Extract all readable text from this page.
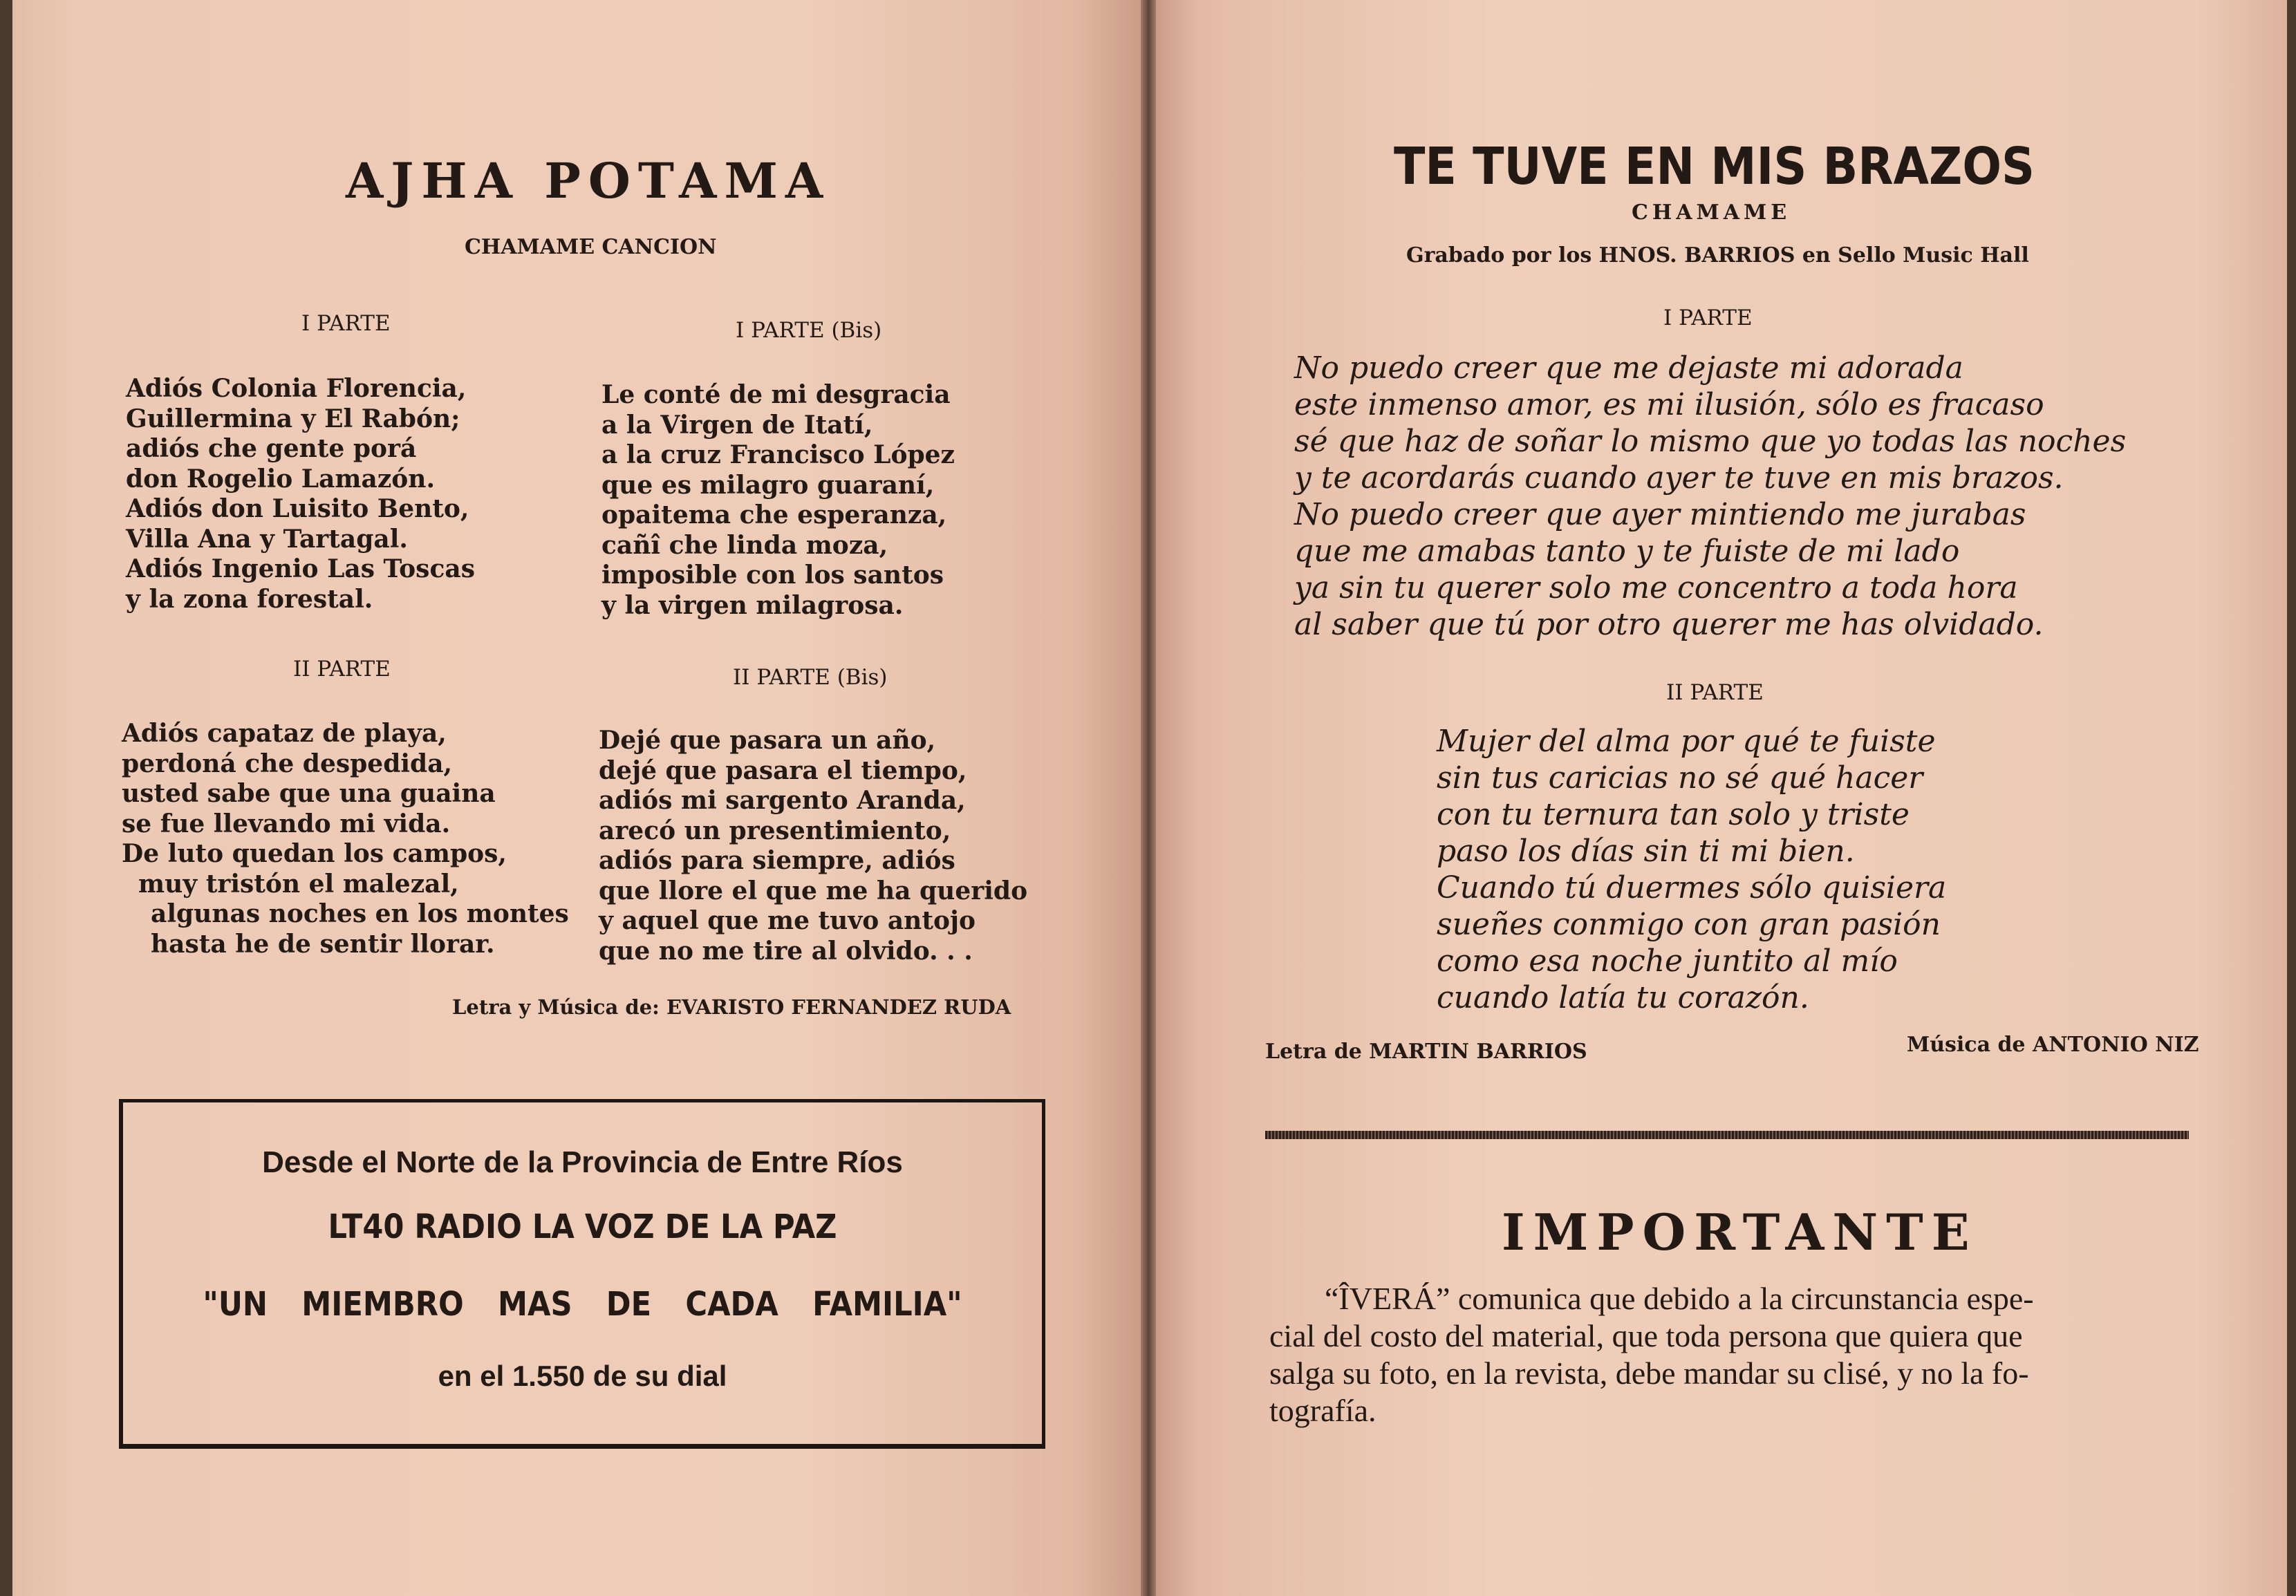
AJHA POTAMA
CHAMAME CANCION
I PARTE	I PARTE (Bis)
Adiós Colonia Florencia,
Guillermina y El Rabón;
adiós che gente porá
don Rogelio Lamazón.
Adiós don Luisito Bento,
Villa Ana y Tartagal.
Adiós Ingenio Las Toscas
y la zona forestal.
Le conté de mi desgracia
a la Virgen de Itatí,
a la cruz Francisco López
que es milagro guaraní,
opaitema che esperanza,
cañî che linda moza,
imposible con los santos
y la virgen milagrosa.
II PARTE	II PARTE (Bis)
Adiós capataz de playa,
perdoná che despedida,
usted sabe que una guaina
se fue llevando mi vida.
De luto quedan los campos,
muy tristón el malezal,
algunas noches en los montes
hasta he de sentir llorar.
Dejé que pasara un año,
dejé que pasara el tiempo,
adiós mi sargento Aranda,
arecó un presentimiento,
adiós para siempre, adiós
que llore el que me ha querido
y aquel que me tuvo antojo
que no me tire al olvido. . .
Letra y Música de: EVARISTO FERNANDEZ RUDA
Desde el Norte de la Provincia de Entre Ríos
LT40 RADIO LA VOZ DE LA PAZ
"UN MIEMBRO MAS DE CADA FAMILIA"
en el 1.550 de su dial
TE TUVE EN MIS BRAZOS
CHAMAME
Grabado por los HNOS. BARRIOS en Sello Music Hall
I PARTE
No puedo creer que me dejaste mi adorada
este inmenso amor, es mi ilusión, sólo es fracaso
sé que haz de soñar lo mismo que yo todas las noches
y te acordarás cuando ayer te tuve en mis brazos.
No puedo creer que ayer mintiendo me jurabas
que me amabas tanto y te fuiste de mi lado
ya sin tu querer solo me concentro a toda hora
al saber que tú por otro querer me has olvidado.
II PARTE
Mujer del alma por qué te fuiste
sin tus caricias no sé qué hacer
con tu ternura tan solo y triste
paso los días sin ti mi bien.
Cuando tú duermes sólo quisiera
sueñes conmigo con gran pasión
como esa noche juntito al mío
cuando latía tu corazón.
Letra de MARTIN BARRIOS	Música de ANTONIO NIZ
IMPORTANTE
“ÎVERÁ” comunica que debido a la circunstancia espe-
cial del costo del material, que toda persona que quiera que
salga su foto, en la revista, debe mandar su clisé, y no la fo-
tografía.
